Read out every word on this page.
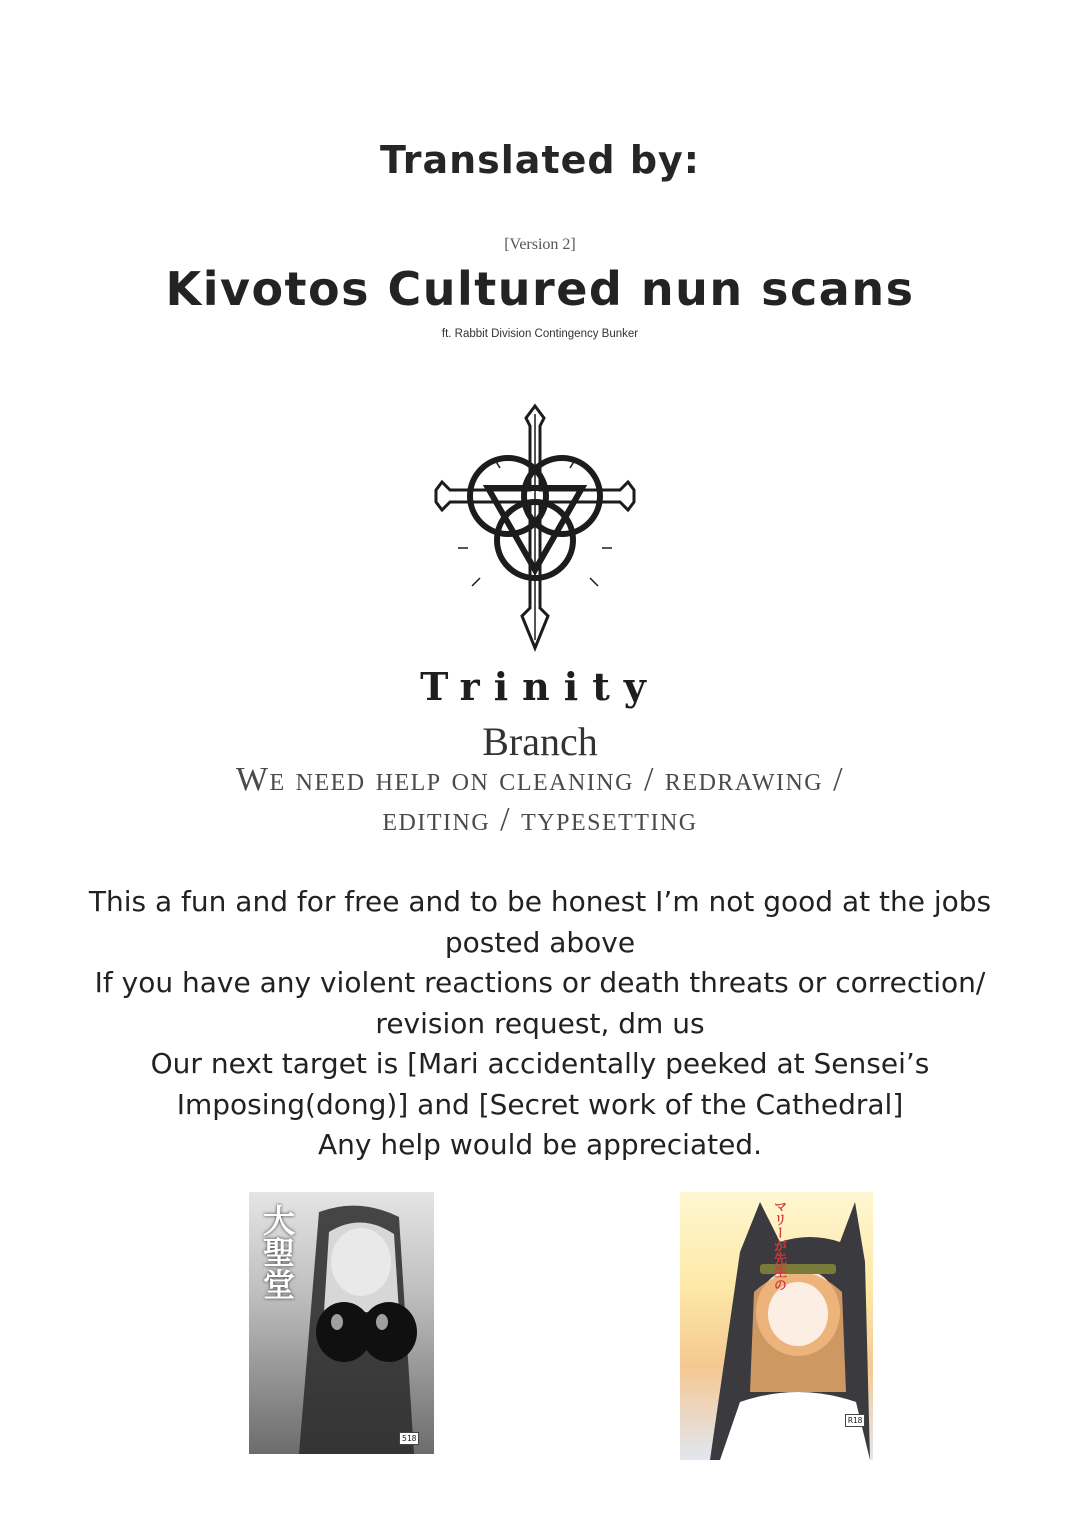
Translated by:
[Version 2]
Kivotos Cultured nun scans
ft. Rabbit Division Contingency Bunker
Trinity
Branch
We need help on cleaning / redrawing /
editing / typesetting
This a fun and for free and to be honest I’m not good at the jobs
posted above
If you have any violent reactions or death threats or correction/
revision request, dm us
Our next target is [Mari accidentally peeked at Sensei’s
Imposing(dong)] and [Secret work of the Cathedral]
Any help would be appreciated.
大聖堂
518
マリーが先生の
R18
